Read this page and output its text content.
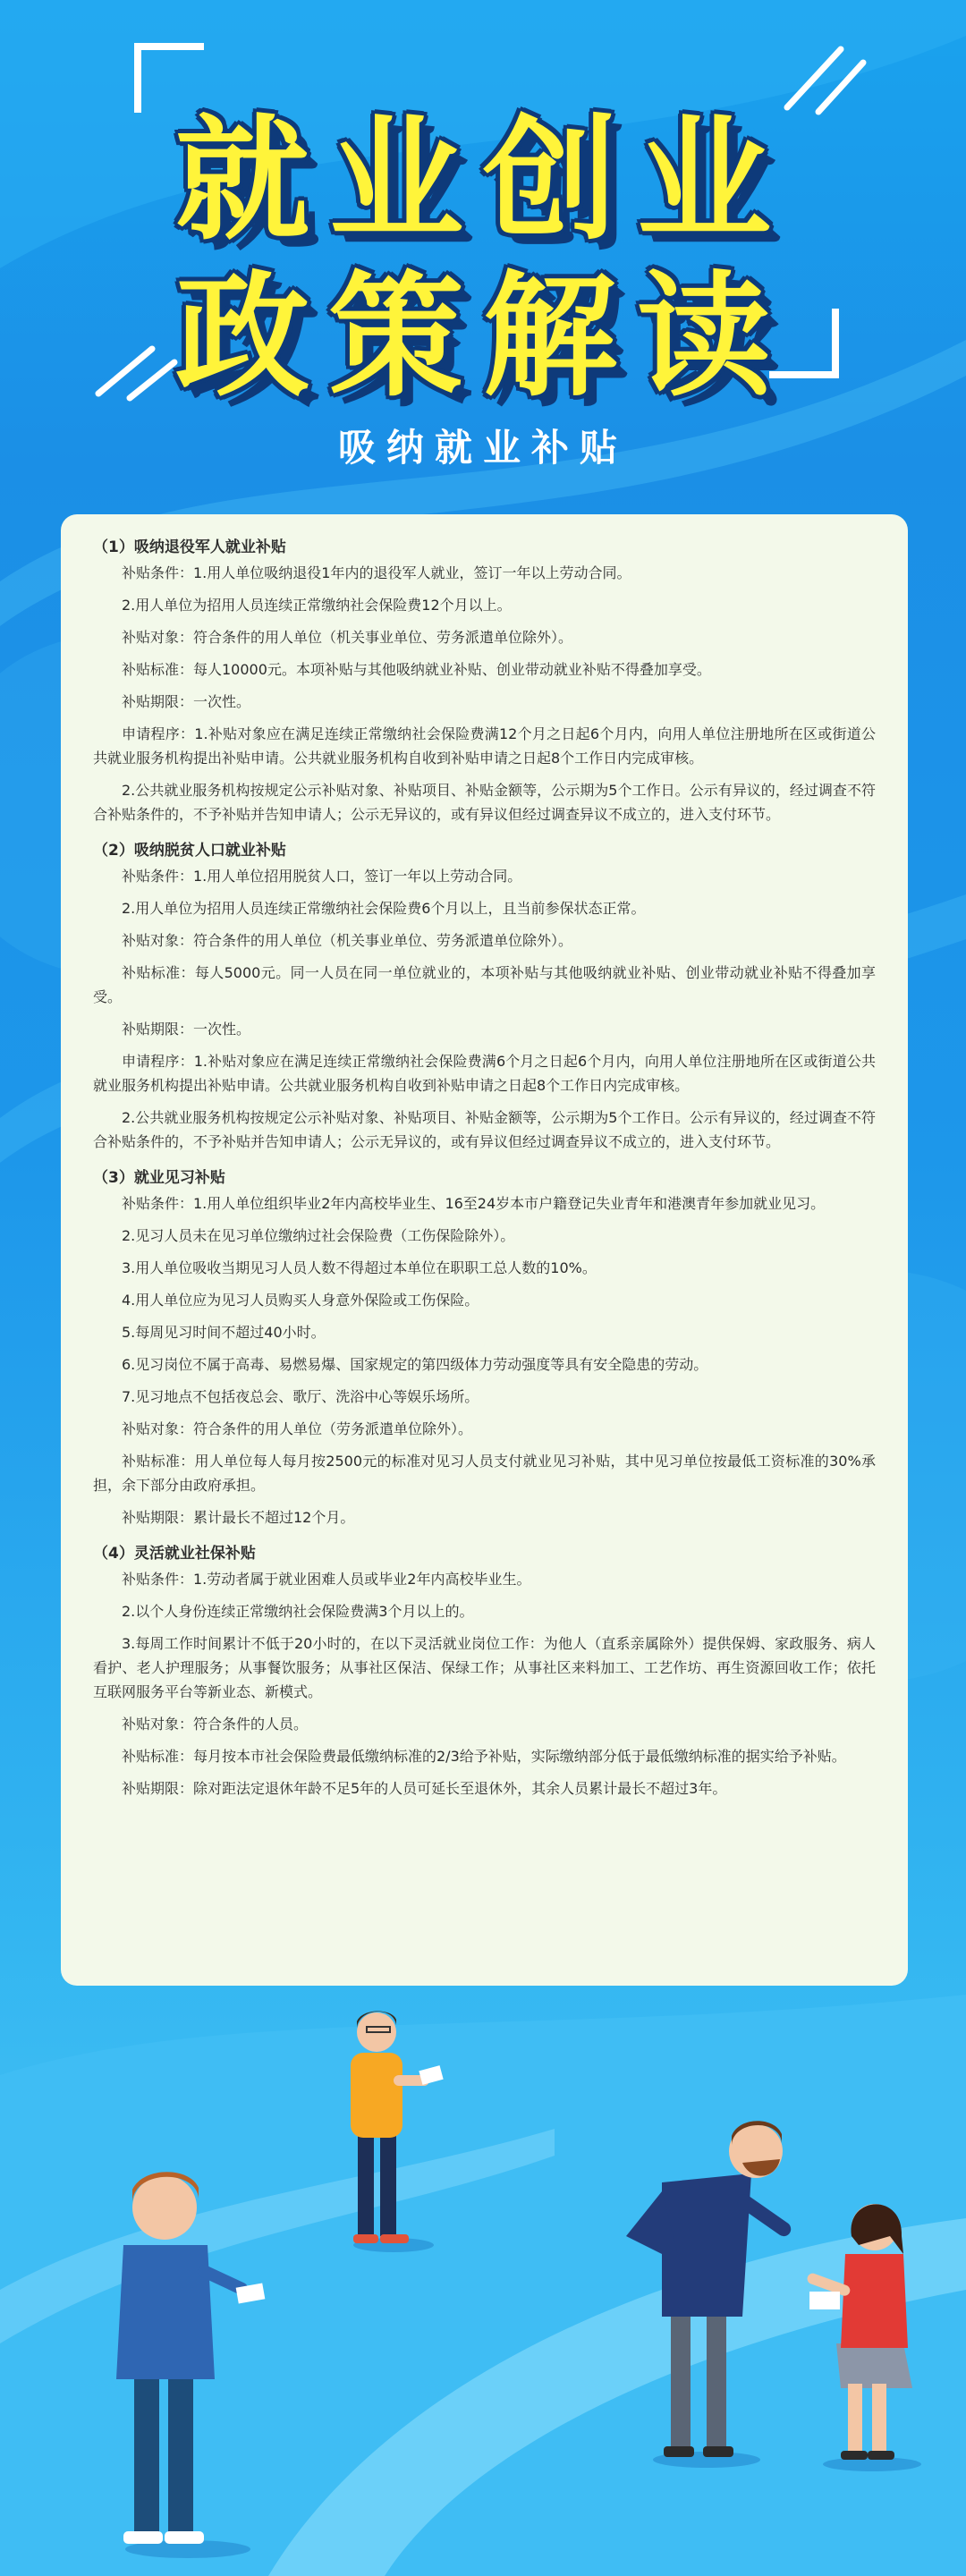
就业创业
政策解读
吸纳就业补贴

（1）吸纳退役军人就业补贴

补贴条件：1.用人单位吸纳退役1年内的退役军人就业，签订一年以上劳动合同。

2.用人单位为招用人员连续正常缴纳社会保险费12个月以上。

补贴对象：符合条件的用人单位（机关事业单位、劳务派遣单位除外）。

补贴标准：每人10000元。本项补贴与其他吸纳就业补贴、创业带动就业补贴不得叠加享受。

补贴期限：一次性。

申请程序：1.补贴对象应在满足连续正常缴纳社会保险费满12个月之日起6个月内，向用人单位注册地所在区或街道公共就业服务机构提出补贴申请。公共就业服务机构自收到补贴申请之日起8个工作日内完成审核。

2.公共就业服务机构按规定公示补贴对象、补贴项目、补贴金额等，公示期为5个工作日。公示有异议的，经过调查不符合补贴条件的，不予补贴并告知申请人；公示无异议的，或有异议但经过调查异议不成立的，进入支付环节。

（2）吸纳脱贫人口就业补贴

补贴条件：1.用人单位招用脱贫人口，签订一年以上劳动合同。

2.用人单位为招用人员连续正常缴纳社会保险费6个月以上，且当前参保状态正常。

补贴对象：符合条件的用人单位（机关事业单位、劳务派遣单位除外）。

补贴标准：每人5000元。同一人员在同一单位就业的，本项补贴与其他吸纳就业补贴、创业带动就业补贴不得叠加享受。

补贴期限：一次性。

申请程序：1.补贴对象应在满足连续正常缴纳社会保险费满6个月之日起6个月内，向用人单位注册地所在区或街道公共就业服务机构提出补贴申请。公共就业服务机构自收到补贴申请之日起8个工作日内完成审核。

2.公共就业服务机构按规定公示补贴对象、补贴项目、补贴金额等，公示期为5个工作日。公示有异议的，经过调查不符合补贴条件的，不予补贴并告知申请人；公示无异议的，或有异议但经过调查异议不成立的，进入支付环节。

（3）就业见习补贴

补贴条件：1.用人单位组织毕业2年内高校毕业生、16至24岁本市户籍登记失业青年和港澳青年参加就业见习。

2.见习人员未在见习单位缴纳过社会保险费（工伤保险除外）。

3.用人单位吸收当期见习人员人数不得超过本单位在职职工总人数的10%。

4.用人单位应为见习人员购买人身意外保险或工伤保险。

5.每周见习时间不超过40小时。

6.见习岗位不属于高毒、易燃易爆、国家规定的第四级体力劳动强度等具有安全隐患的劳动。

7.见习地点不包括夜总会、歌厅、洗浴中心等娱乐场所。

补贴对象：符合条件的用人单位（劳务派遣单位除外）。

补贴标准：用人单位每人每月按2500元的标准对见习人员支付就业见习补贴，其中见习单位按最低工资标准的30%承担，余下部分由政府承担。

补贴期限：累计最长不超过12个月。

（4）灵活就业社保补贴

补贴条件：1.劳动者属于就业困难人员或毕业2年内高校毕业生。

2.以个人身份连续正常缴纳社会保险费满3个月以上的。

3.每周工作时间累计不低于20小时的，在以下灵活就业岗位工作：为他人（直系亲属除外）提供保姆、家政服务、病人看护、老人护理服务；从事餐饮服务；从事社区保洁、保绿工作；从事社区来料加工、工艺作坊、再生资源回收工作；依托互联网服务平台等新业态、新模式。

补贴对象：符合条件的人员。

补贴标准：每月按本市社会保险费最低缴纳标准的2/3给予补贴，实际缴纳部分低于最低缴纳标准的据实给予补贴。

补贴期限：除对距法定退休年龄不足5年的人员可延长至退休外，其余人员累计最长不超过3年。
